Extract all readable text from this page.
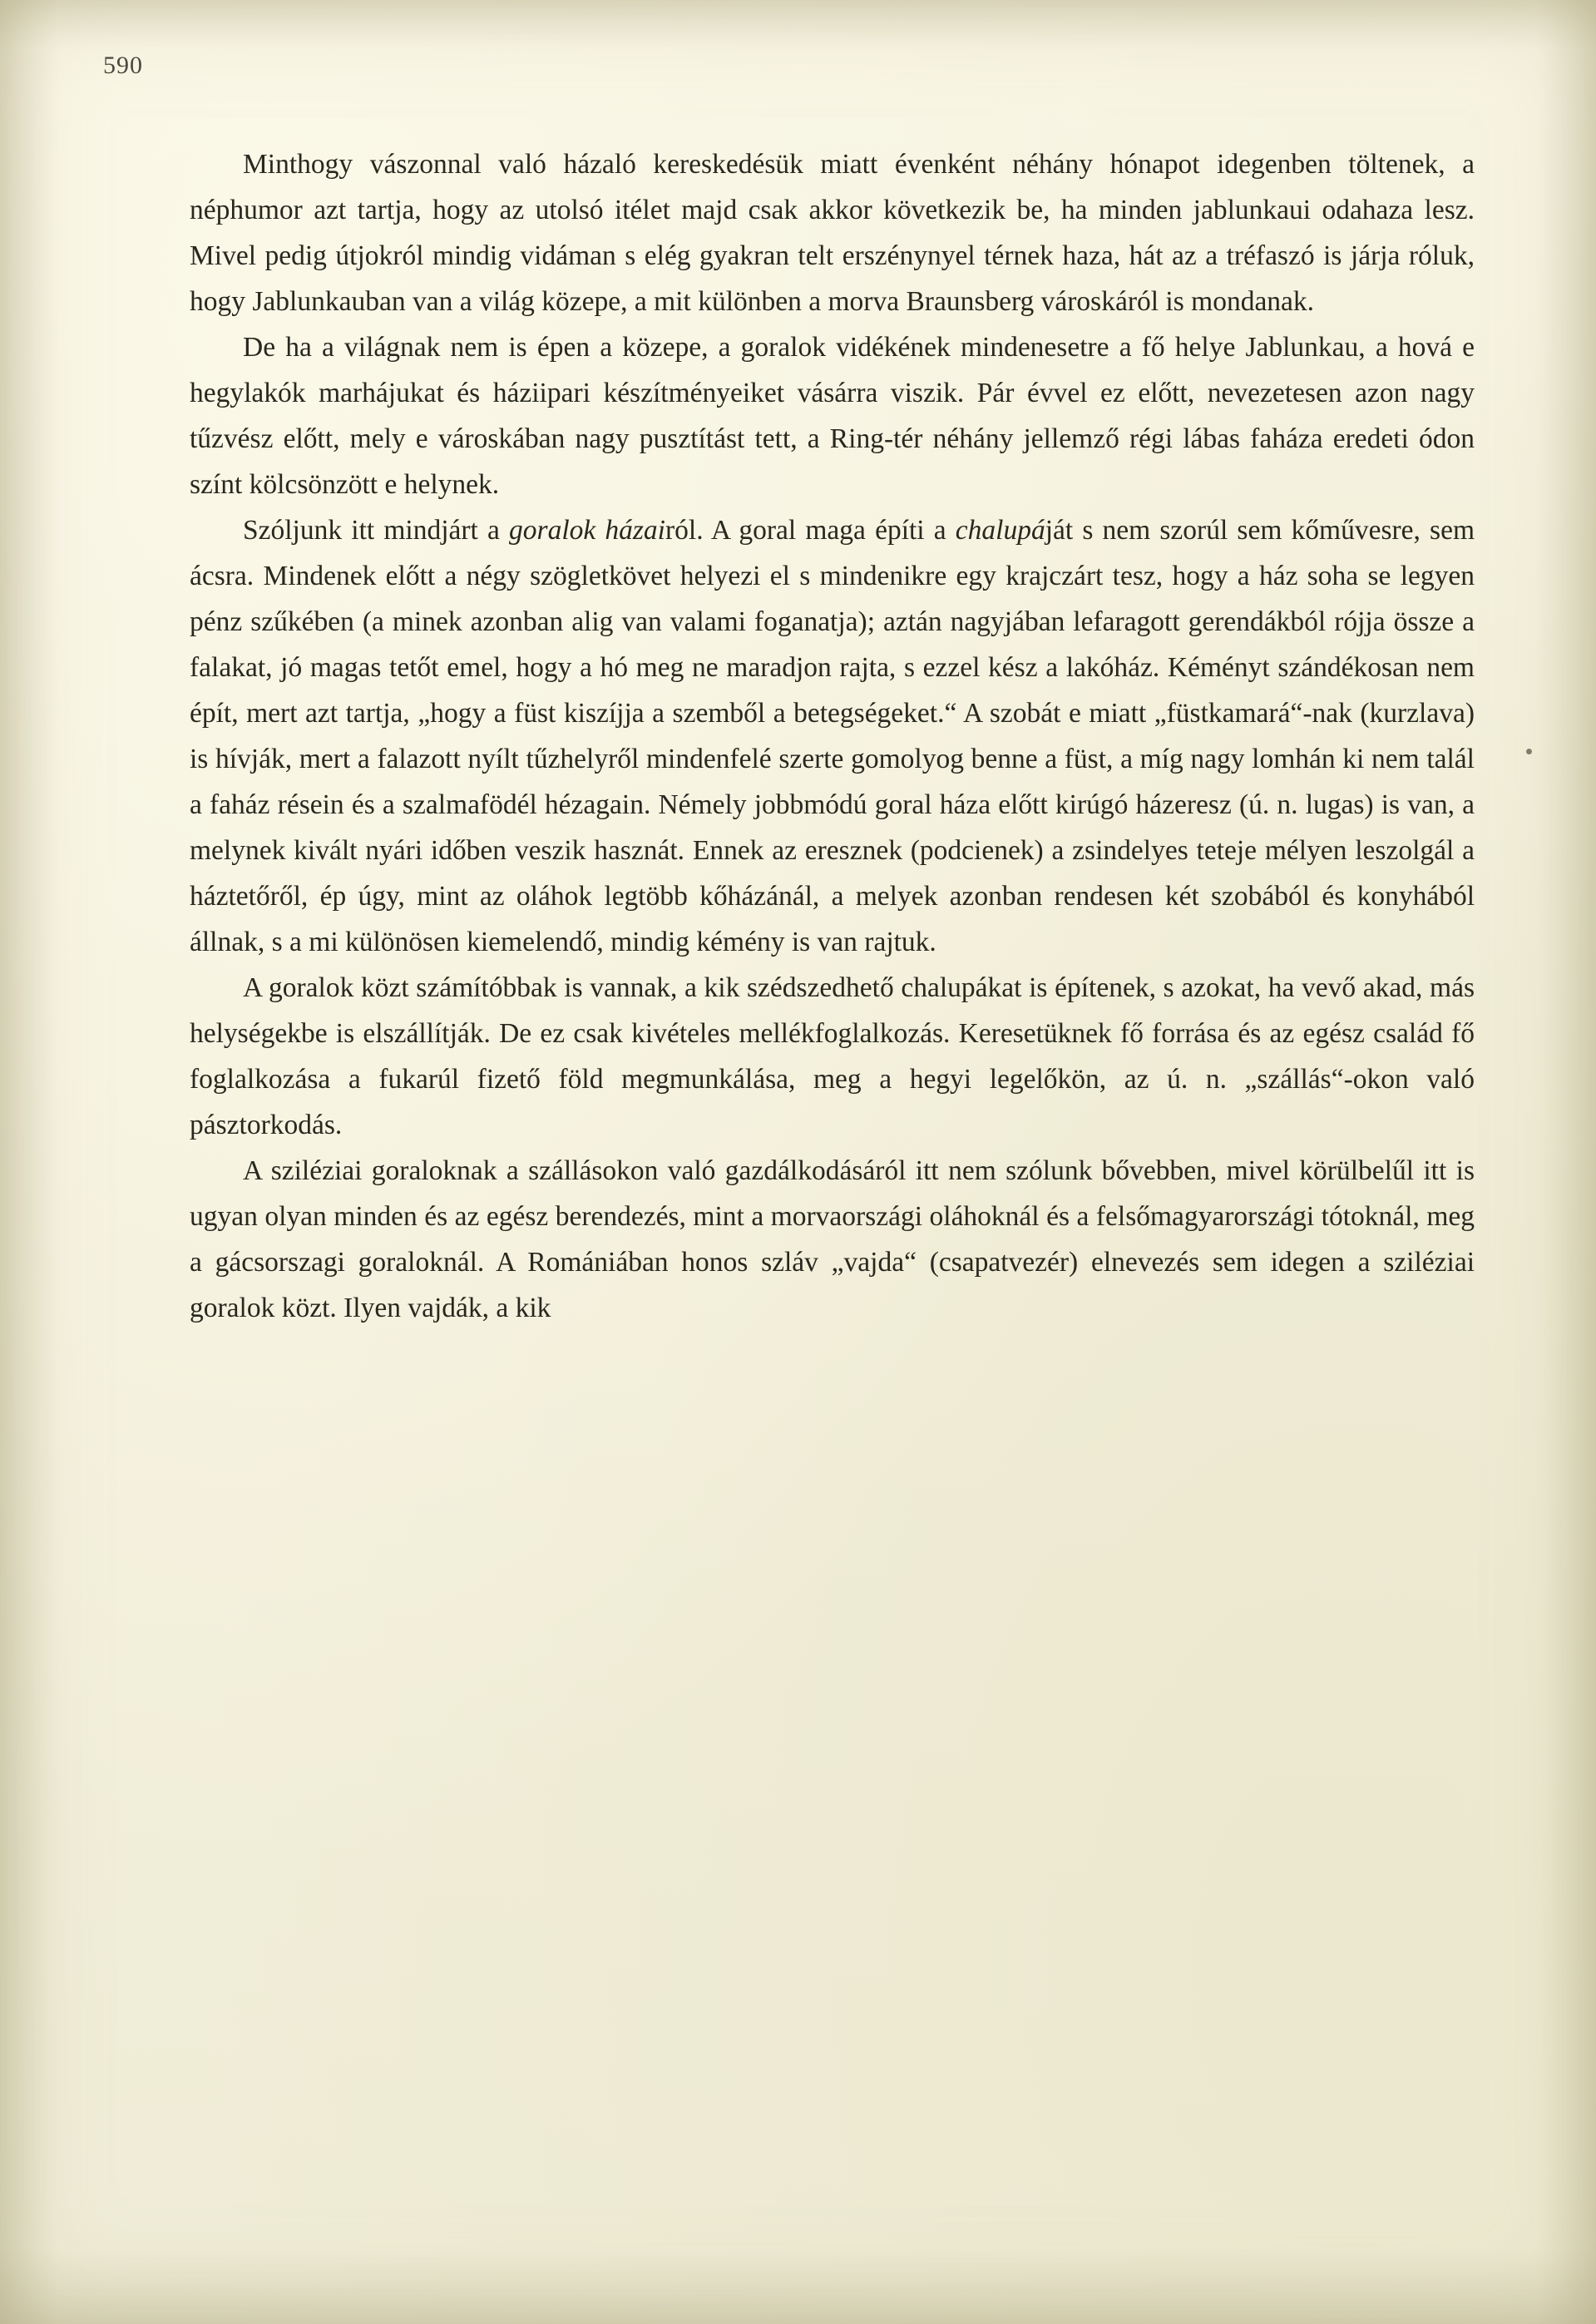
590

Minthogy vászonnal való házaló kereskedésük miatt évenként néhány hónapot idegenben töltenek, a néphumor azt tartja, hogy az utolsó itélet majd csak akkor következik be, ha minden jablunkaui odahaza lesz. Mivel pedig útjokról mindig vidáman s elég gyakran telt erszénynyel térnek haza, hát az a tréfaszó is járja róluk, hogy Jablunkauban van a világ közepe, a mit különben a morva Braunsberg városkáról is mondanak.

De ha a világnak nem is épen a közepe, a goralok vidékének mindenesetre a fő helye Jablunkau, a hová e hegylakók marhájukat és háziipari készítményeiket vásárra viszik. Pár évvel ez előtt, nevezetesen azon nagy tűzvész előtt, mely e városkában nagy pusztítást tett, a Ring-tér néhány jellemző régi lábas faháza eredeti ódon színt kölcsönzött e helynek.

Szóljunk itt mindjárt a goralok házairól. A goral maga építi a chalupáját s nem szorúl sem kőművesre, sem ácsra. Mindenek előtt a négy szögletkövet helyezi el s mindenikre egy krajczárt tesz, hogy a ház soha se legyen pénz szűkében (a minek azonban alig van valami foganatja); aztán nagyjában lefaragott gerendákból rójja össze a falakat, jó magas tetőt emel, hogy a hó meg ne maradjon rajta, s ezzel kész a lakóház. Kéményt szándékosan nem épít, mert azt tartja, „hogy a füst kiszíjja a szemből a betegségeket.“ A szobát e miatt „füstkamará“-nak (kurzlava) is hívják, mert a falazott nyílt tűzhelyről mindenfelé szerte gomolyog benne a füst, a míg nagy lomhán ki nem talál a faház résein és a szalmafödél hézagain. Némely jobbmódú goral háza előtt kirúgó házeresz (ú. n. lugas) is van, a melynek kivált nyári időben veszik hasznát. Ennek az eresznek (podcienek) a zsindelyes teteje mélyen leszolgál a háztetőről, ép úgy, mint az oláhok legtöbb kőházánál, a melyek azonban rendesen két szobából és konyhából állnak, s a mi különösen kiemelendő, mindig kémény is van rajtuk.

A goralok közt számítóbbak is vannak, a kik szédszedhető chalupákat is építenek, s azokat, ha vevő akad, más helységekbe is elszállítják. De ez csak kivételes mellékfoglalkozás. Keresetüknek fő forrása és az egész család fő foglalkozása a fukarúl fizető föld megmunkálása, meg a hegyi legelőkön, az ú. n. „szállás“-okon való pásztorkodás.

A sziléziai goraloknak a szállásokon való gazdálkodásáról itt nem szólunk bővebben, mivel körülbelűl itt is ugyan olyan minden és az egész berendezés, mint a morvaországi oláhoknál és a felsőmagyarországi tótoknál, meg a gácsorszagi goraloknál. A Romániában honos szláv „vajda“ (csapatvezér) elnevezés sem idegen a sziléziai goralok közt. Ilyen vajdák, a kik
